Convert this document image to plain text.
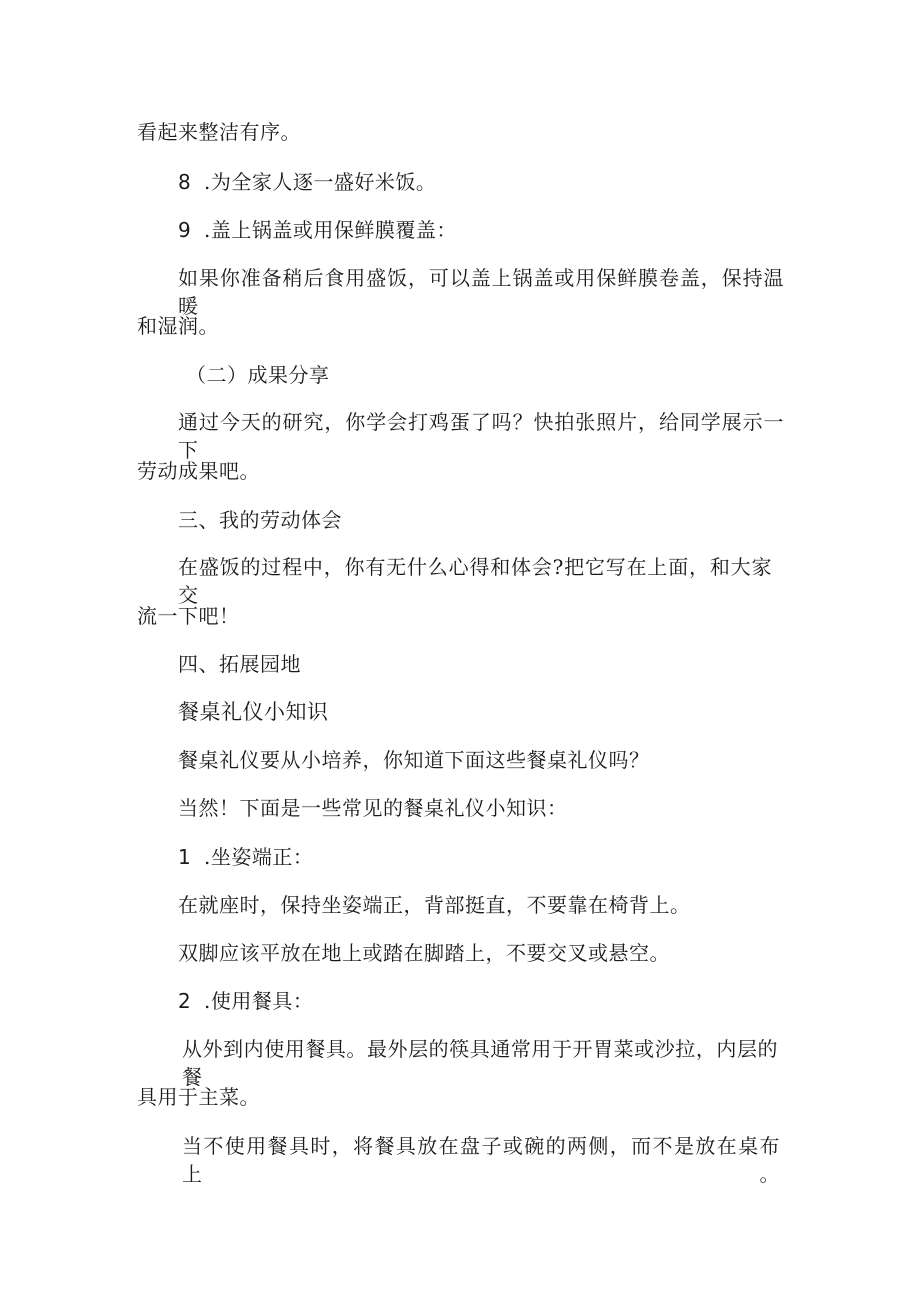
看起来整洁有序。
8 .为全家人逐一盛好米饭。
9 .盖上锅盖或用保鲜膜覆盖：
如果你准备稍后食用盛饭，可以盖上锅盖或用保鲜膜卷盖，保持温暖
和湿润。
（二）成果分享
通过今天的研究，你学会打鸡蛋了吗？快拍张照片，给同学展示一下
劳动成果吧。
三、我的劳动体会
在盛饭的过程中，你有无什么心得和体会?把它写在上面，和大家交
流一下吧！
四、拓展园地
餐桌礼仪小知识
餐桌礼仪要从小培养，你知道下面这些餐桌礼仪吗？
当然！下面是一些常见的餐桌礼仪小知识：
1 .坐姿端正：
在就座时，保持坐姿端正，背部挺直，不要靠在椅背上。
双脚应该平放在地上或踏在脚踏上，不要交叉或悬空。
2 .使用餐具：
从外到内使用餐具。最外层的筷具通常用于开胃菜或沙拉，内层的餐
具用于主菜。
当不使用餐具时，将餐具放在盘子或碗的两侧，而不是放在桌布上。
